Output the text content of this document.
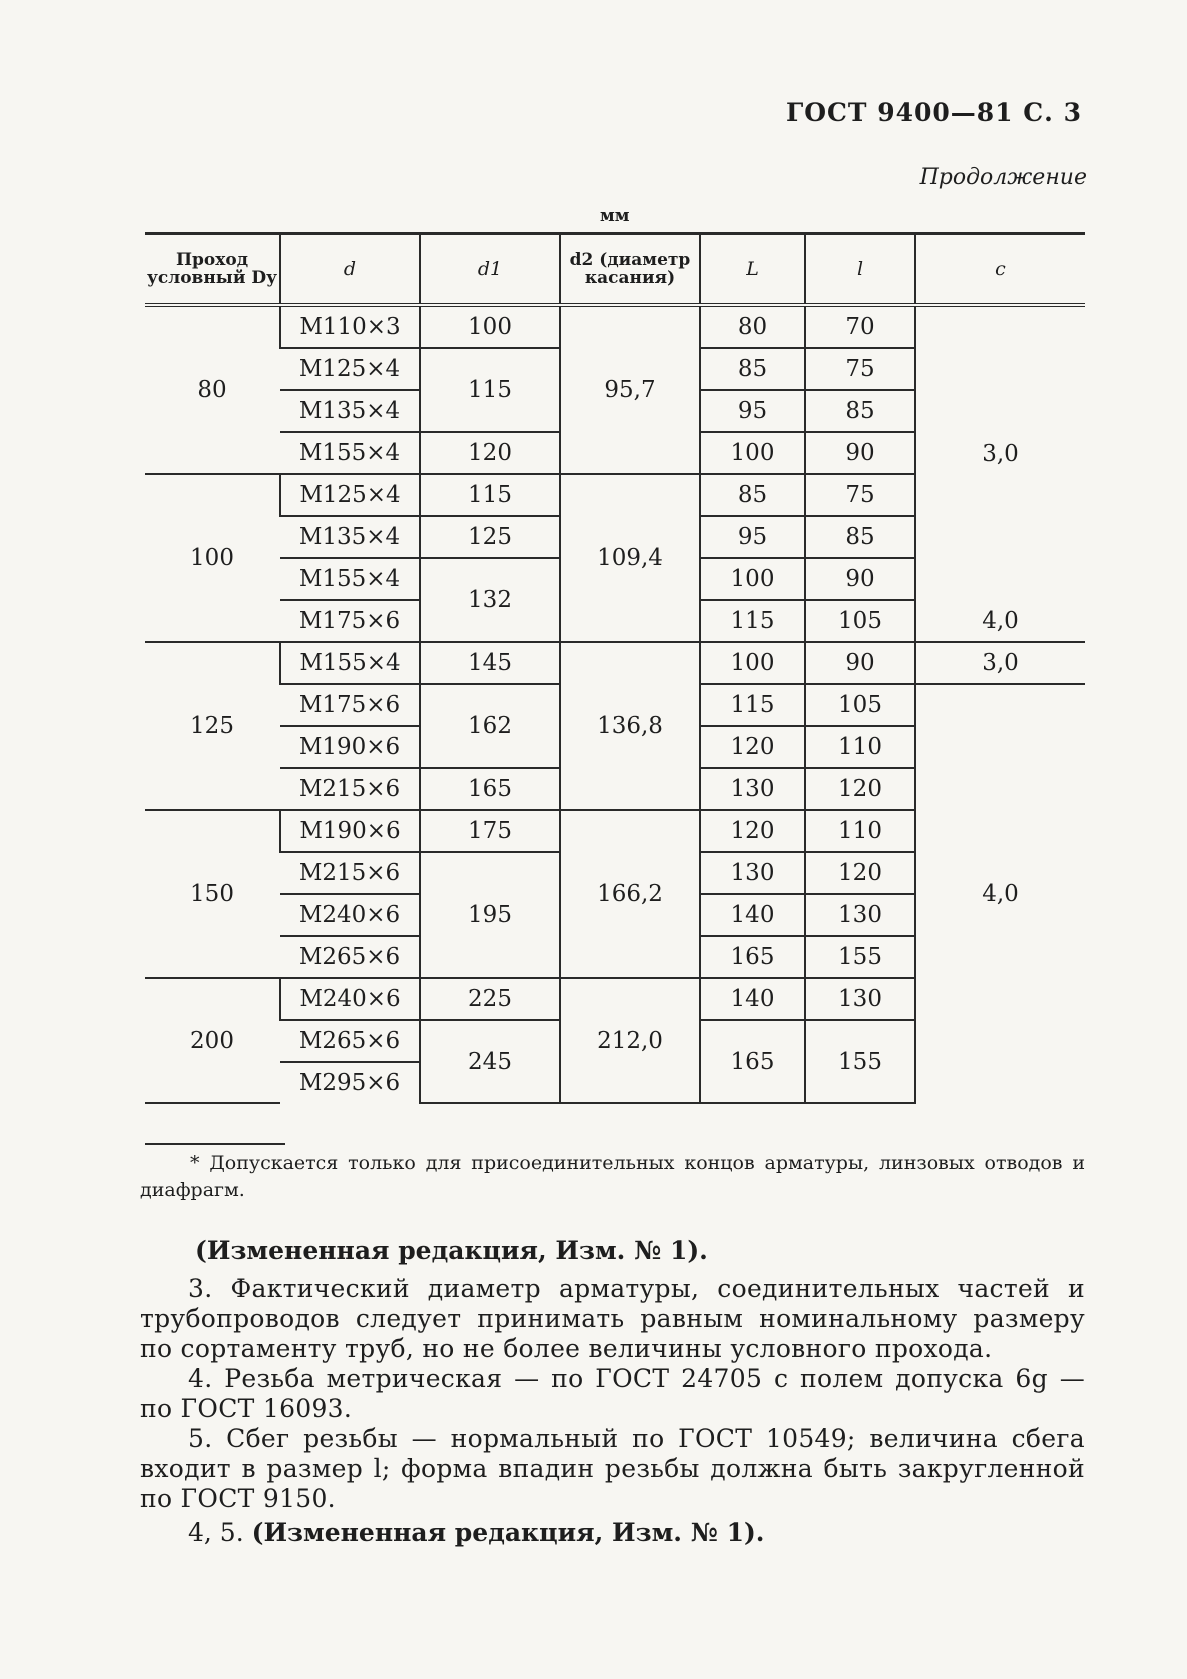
ГОСТ 9400—81 С. 3
Продолжение
мм
Проход условный Dу	d	d1	d2 (диаметр касания)	L	l	c
80	M110×3	100	95,7	80	70	3,0
	M125×4	115		85	75	
	M135×4			95	85	
	M155×4	120		100	90	
100	M125×4	115	109,4	85	75	
	M135×4	125		95	85	
	M155×4	132		100	90	
	M175×6			115	105	4,0
125	M155×4	145	136,8	100	90	3,0
	M175×6	162		115	105	4,0
	M190×6			120	110	
	M215×6	165		130	120	
150	M190×6	175	166,2	120	110	
	M215×6	195		130	120	
	M240×6			140	130	
	M265×6			165	155	
200	M240×6	225	212,0	140	130	
	M265×6	245		165	155	
	M295×6					
* Допускается только для присоединительных концов арматуры, линзовых отводов и диафрагм.
(Измененная редакция, Изм. № 1).

3. Фактический диаметр арматуры, соединительных частей и трубопроводов следует принимать равным номинальному размеру по сортаменту труб, но не более величины условного прохода.

4. Резьба метрическая — по ГОСТ 24705 с полем допуска 6g — по ГОСТ 16093.

5. Сбег резьбы — нормальный по ГОСТ 10549; величина сбега входит в размер l; форма впадин резьбы должна быть закругленной по ГОСТ 9150.

4, 5. (Измененная редакция, Изм. № 1).
